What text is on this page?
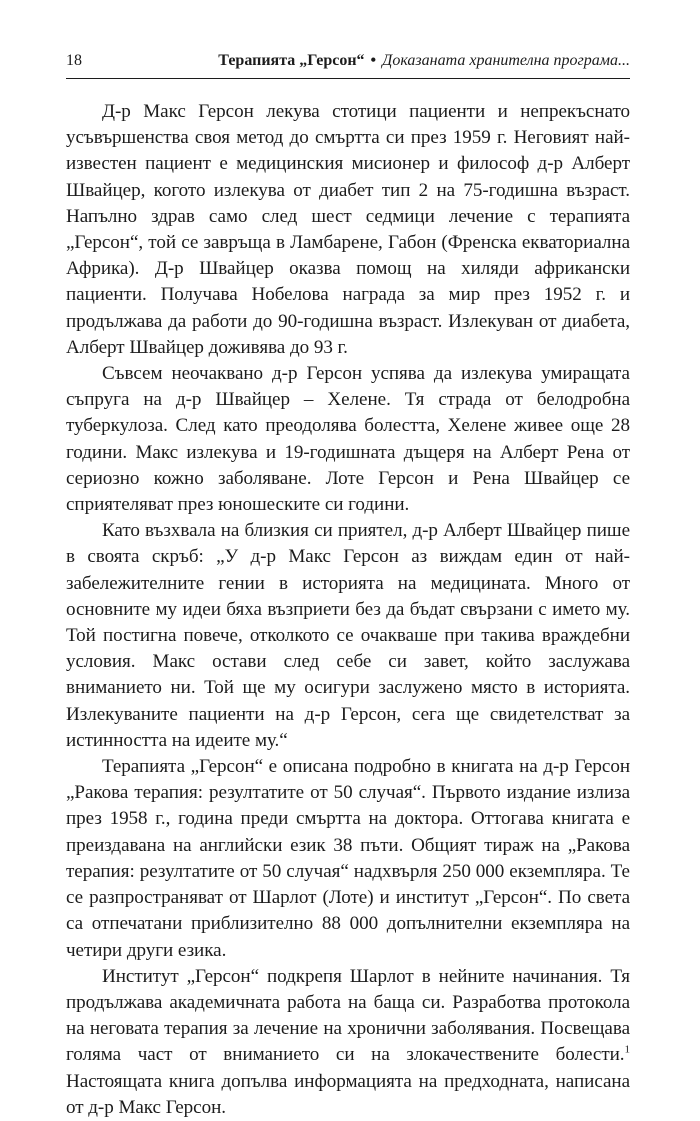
18	Терапията „Герсон“ • Доказаната хранителна програма...

Д-р Макс Герсон лекува стотици пациенти и непрекъснато усъвършенства своя метод до смъртта си през 1959 г. Неговият най-известен пациент е медицинския мисионер и философ д-р Алберт Швайцер, когото излекува от диабет тип 2 на 75-годишна възраст. Напълно здрав само след шест седмици лечение с терапията „Герсон“, той се завръща в Ламбарене, Габон (Френска екваториална Африка). Д-р Швайцер оказва помощ на хиляди африкански пациенти. Получава Нобелова награда за мир през 1952 г. и продължава да работи до 90-годишна възраст. Излекуван от диабета, Алберт Швайцер доживява до 93 г.

Съвсем неочаквано д-р Герсон успява да излекува умиращата съпруга на д-р Швайцер – Хелене. Тя страда от белодробна туберкулоза. След като преодолява болестта, Хелене живее още 28 години. Макс излекува и 19-годишната дъщеря на Алберт Рена от сериозно кожно заболяване. Лоте Герсон и Рена Швайцер се сприятеляват през юношеските си години.

Като възхвала на близкия си приятел, д-р Алберт Швайцер пише в своята скръб: „У д-р Макс Герсон аз виждам един от най-забележителните гении в историята на медицината. Много от основните му идеи бяха възприети без да бъдат свързани с името му. Той постигна повече, отколкото се очакваше при такива враждебни условия. Макс остави след себе си завет, който заслужава вниманието ни. Той ще му осигури заслужено място в историята. Излекуваните пациенти на д-р Герсон, сега ще свидетелстват за истинността на идеите му.“

Терапията „Герсон“ е описана подробно в книгата на д-р Герсон „Ракова терапия: резултатите от 50 случая“. Първото издание излиза през 1958 г., година преди смъртта на доктора. Оттогава книгата е преиздавана на английски език 38 пъти. Общият тираж на „Ракова терапия: резултатите от 50 случая“ надхвърля 250 000 екземпляра. Те се разпространяват от Шарлот (Лоте) и институт „Герсон“. По света са отпечатани приблизително 88 000 допълнителни екземпляра на четири други езика.

Институт „Герсон“ подкрепя Шарлот в нейните начинания. Тя продължава академичната работа на баща си. Разработва протокола на неговата терапия за лечение на хронични заболявания. Посвещава голяма част от вниманието си на злокачествените болести.$^1$ Настоящата книга допълва информацията на предходната, написана от д-р Макс Герсон.
